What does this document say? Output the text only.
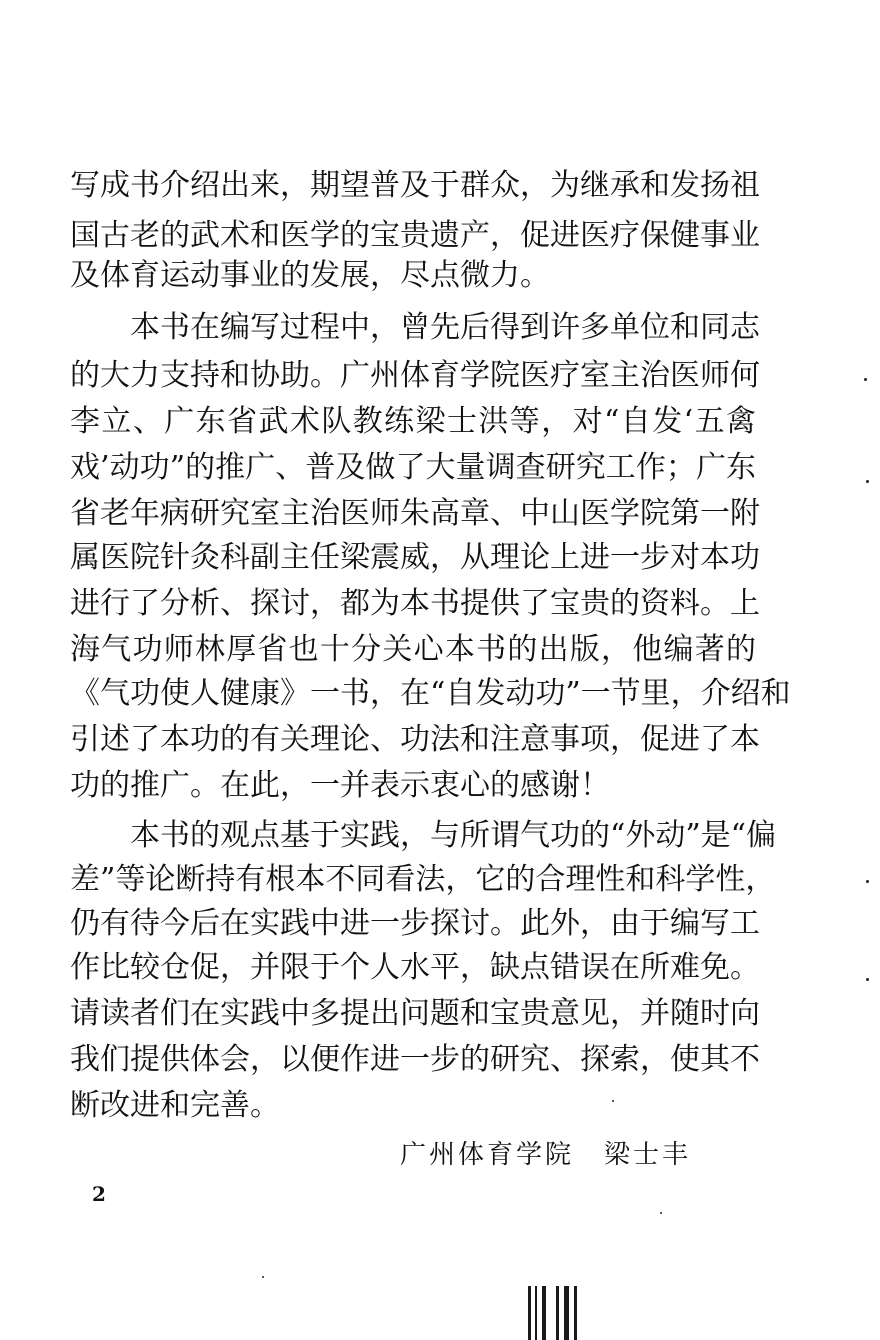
写成书介绍出来，期望普及于群众，为继承和发扬祖
国古老的武术和医学的宝贵遗产，促进医疗保健事业
及体育运动事业的发展，尽点微力。
本书在编写过程中，曾先后得到许多单位和同志
的大力支持和协助。广州体育学院医疗室主治医师何
李立、广东省武术队教练梁士洪等，对“自发‘五禽
戏’动功”的推广、普及做了大量调查研究工作；广东
省老年病研究室主治医师朱高章、中山医学院第一附
属医院针灸科副主任梁震威，从理论上进一步对本功
进行了分析、探讨，都为本书提供了宝贵的资料。上
海气功师林厚省也十分关心本书的出版，他编著的
《气功使人健康》一书，在“自发动功”一节里，介绍和
引述了本功的有关理论、功法和注意事项，促进了本
功的推广。在此，一并表示衷心的感谢！
本书的观点基于实践，与所谓气功的“外动”是“偏
差”等论断持有根本不同看法，它的合理性和科学性，
仍有待今后在实践中进一步探讨。此外，由于编写工
作比较仓促，并限于个人水平，缺点错误在所难免。
请读者们在实践中多提出问题和宝贵意见，并随时向
我们提供体会，以便作进一步的研究、探索，使其不
断改进和完善。
广州体育学院 梁士丰
2
